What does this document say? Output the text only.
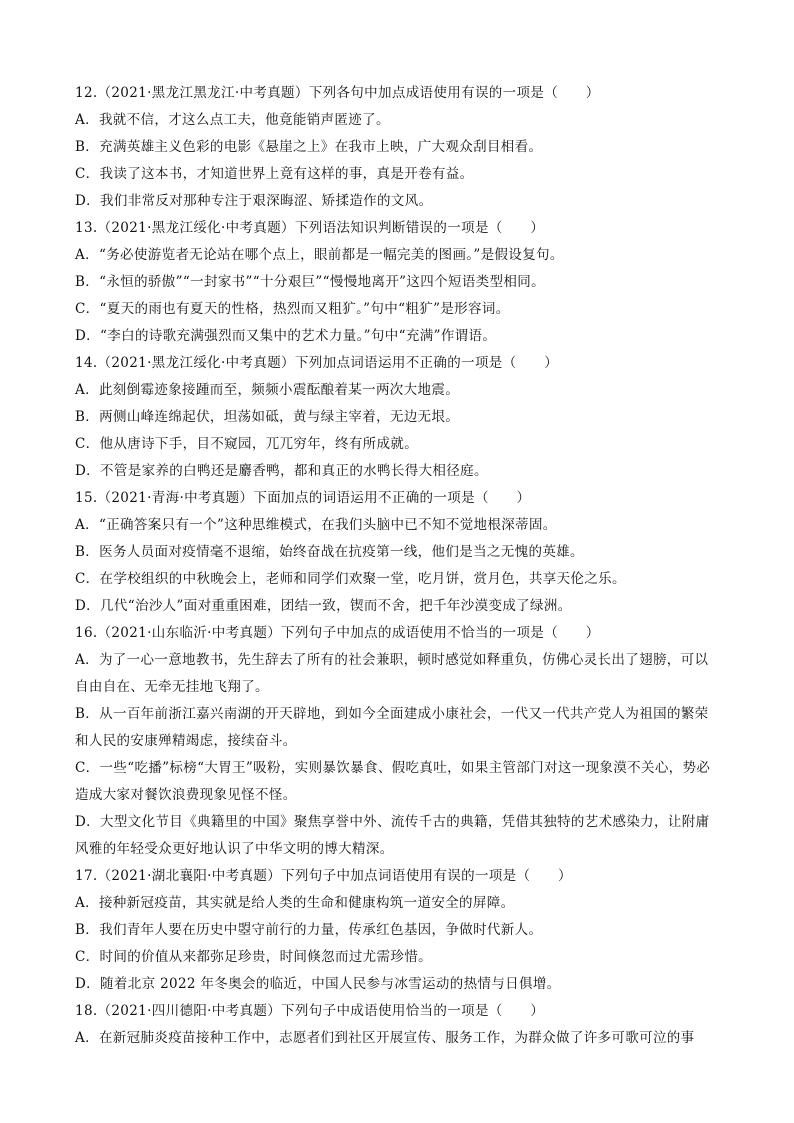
12.（2021·黑龙江黑龙江·中考真题）下列各句中加点成语使用有误的一项是（　　）
A．我就不信，才这么点工夫，他竟能销声匿迹了。
B．充满英雄主义色彩的电影《悬崖之上》在我市上映，广大观众刮目相看。
C．我读了这本书，才知道世界上竟有这样的事，真是开卷有益。
D．我们非常反对那种专注于艰深晦涩、矫揉造作的文风。
13.（2021·黑龙江绥化·中考真题）下列语法知识判断错误的一项是（　　）
A．“务必使游览者无论站在哪个点上，眼前都是一幅完美的图画。”是假设复句。
B．“永恒的骄傲”“一封家书”“十分艰巨”“慢慢地离开”这四个短语类型相同。
C．“夏天的雨也有夏天的性格，热烈而又粗犷。”句中“粗犷”是形容词。
D．“李白的诗歌充满强烈而又集中的艺术力量。”句中“充满”作谓语。
14.（2021·黑龙江绥化·中考真题）下列加点词语运用不正确的一项是（　　）
A．此刻倒霉迹象接踵而至，频频小震酝酿着某一两次大地震。
B．两侧山峰连绵起伏，坦荡如砥，黄与绿主宰着，无边无垠。
C．他从唐诗下手，目不窥园，兀兀穷年，终有所成就。
D．不管是家养的白鸭还是麝香鸭，都和真正的水鸭长得大相径庭。
15.（2021·青海·中考真题）下面加点的词语运用不正确的一项是（　　）
A．“正确答案只有一个”这种思维模式，在我们头脑中已不知不觉地根深蒂固。
B．医务人员面对疫情毫不退缩，始终奋战在抗疫第一线，他们是当之无愧的英雄。
C．在学校组织的中秋晚会上，老师和同学们欢聚一堂，吃月饼，赏月色，共享天伦之乐。
D．几代“治沙人”面对重重困难，团结一致，锲而不舍，把千年沙漠变成了绿洲。
16.（2021·山东临沂·中考真题）下列句子中加点的成语使用不恰当的一项是（　　）
A．为了一心一意地教书，先生辞去了所有的社会兼职，顿时感觉如释重负，仿佛心灵长出了翅膀，可以
自由自在、无牵无挂地飞翔了。
B．从一百年前浙江嘉兴南湖的开天辟地，到如今全面建成小康社会，一代又一代共产党人为祖国的繁荣
和人民的安康殚精竭虑，接续奋斗。
C．一些“吃播”标榜“大胃王”吸粉，实则暴饮暴食、假吃真吐，如果主管部门对这一现象漠不关心，势必
造成大家对餐饮浪费现象见怪不怪。
D．大型文化节目《典籍里的中国》聚焦享誉中外、流传千古的典籍，凭借其独特的艺术感染力，让附庸
风雅的年轻受众更好地认识了中华文明的博大精深。
17.（2021·湖北襄阳·中考真题）下列句子中加点词语使用有误的一项是（　　）
A．接种新冠疫苗，其实就是给人类的生命和健康构筑一道安全的屏障。
B．我们青年人要在历史中曌守前行的力量，传承红色基因，争做时代新人。
C．时间的价值从来都弥足珍贵，时间倏忽而过尤需珍惜。
D．随着北京 2022 年冬奥会的临近，中国人民参与冰雪运动的热情与日俱增。
18.（2021·四川德阳·中考真题）下列句子中成语使用恰当的一项是（　　）
A．在新冠肺炎疫苗接种工作中，志愿者们到社区开展宣传、服务工作，为群众做了许多可歌可泣的事
